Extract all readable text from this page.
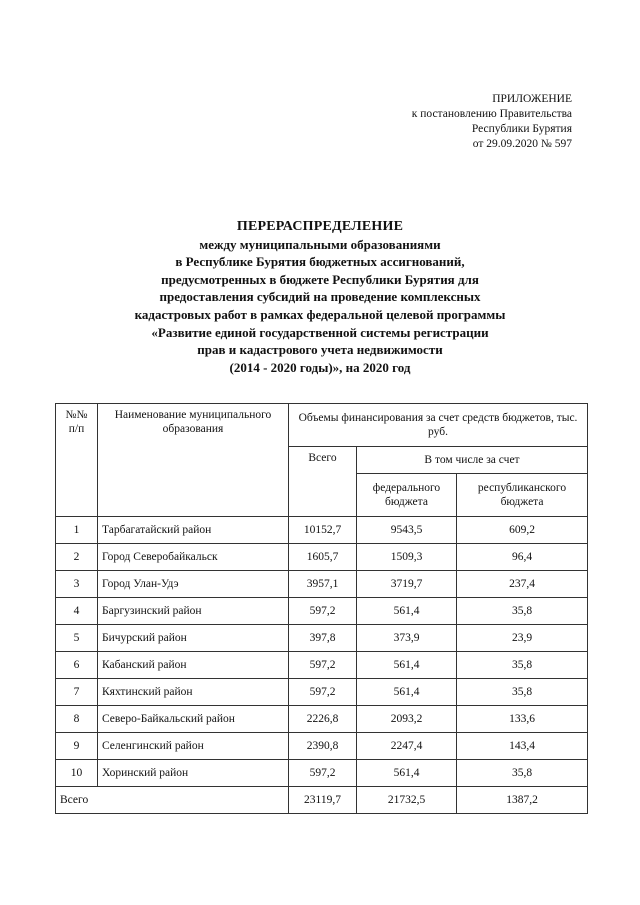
ПРИЛОЖЕНИЕ
к постановлению Правительства
Республики Бурятия
от 29.09.2020 № 597
ПЕРЕРАСПРЕДЕЛЕНИЕ
между муниципальными образованиями
в Республике Бурятия бюджетных ассигнований,
предусмотренных в бюджете Республики Бурятия для
предоставления субсидий на проведение комплексных
кадастровых работ в рамках федеральной целевой программы
«Развитие единой государственной системы регистрации
прав и кадастрового учета недвижимости
(2014 - 2020 годы)», на 2020 год
№№ п/п	Наименование муниципального образования	Объемы финансирования за счет средств бюджетов, тыс. руб.		
		Всего	В том числе за счет	
			федерального бюджета	республиканского бюджета
1	Тарбагатайский район	10152,7	9543,5	609,2
2	Город Северобайкальск	1605,7	1509,3	96,4
3	Город Улан-Удэ	3957,1	3719,7	237,4
4	Баргузинский район	597,2	561,4	35,8
5	Бичурский район	397,8	373,9	23,9
6	Кабанский район	597,2	561,4	35,8
7	Кяхтинский район	597,2	561,4	35,8
8	Северо-Байкальский район	2226,8	2093,2	133,6
9	Селенгинский район	2390,8	2247,4	143,4
10	Хоринский район	597,2	561,4	35,8
Всего		23119,7	21732,5	1387,2
